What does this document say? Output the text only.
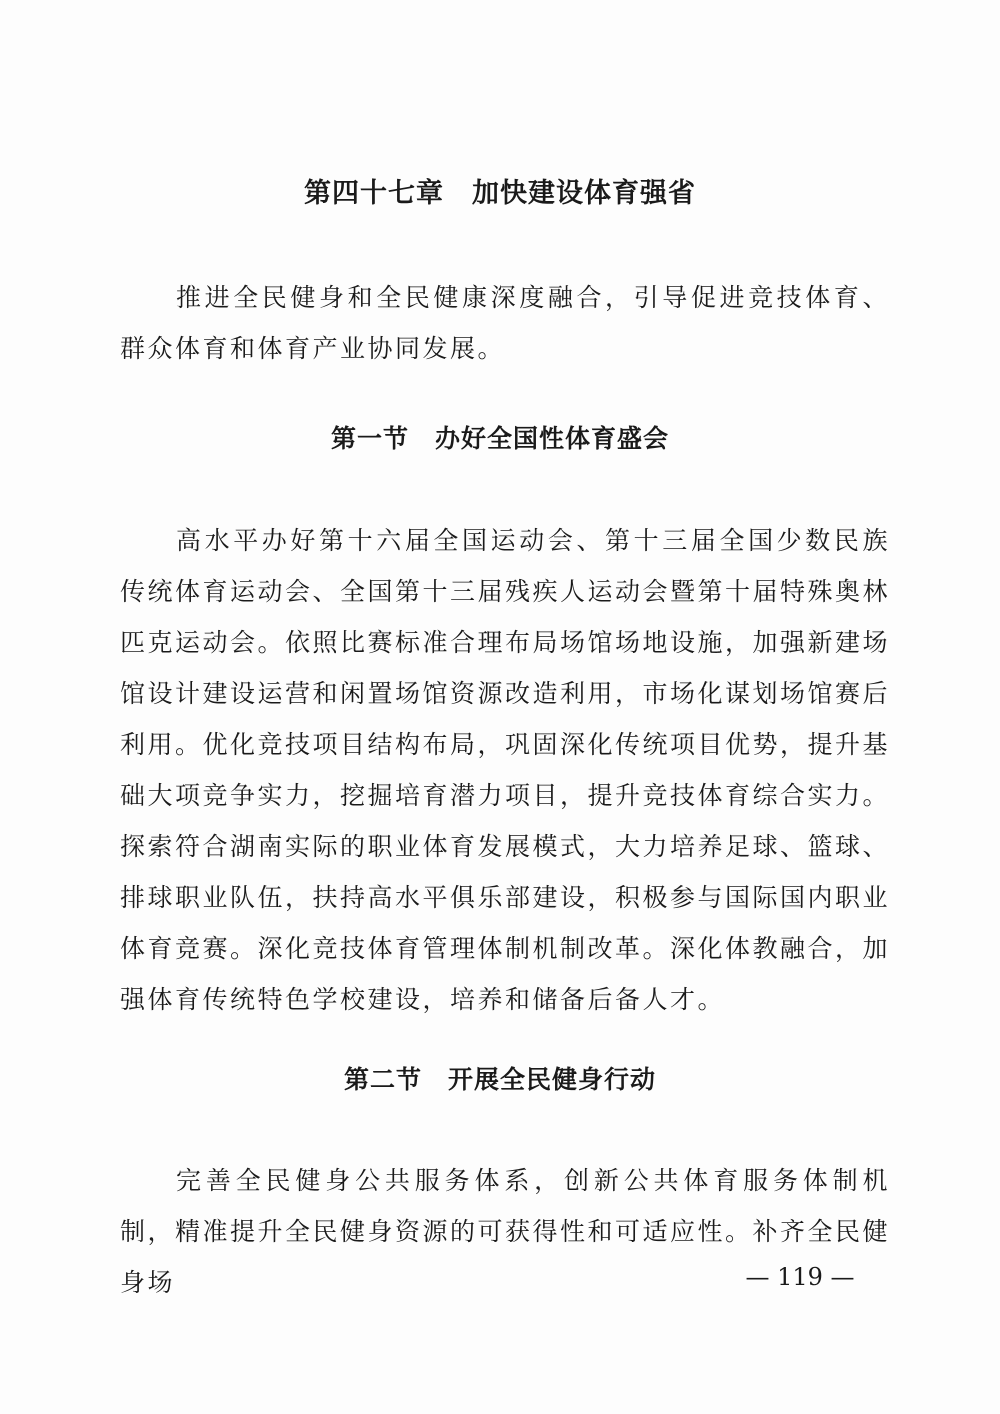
第四十七章　加快建设体育强省

推进全民健身和全民健康深度融合，引导促进竞技体育、群众体育和体育产业协同发展。

第一节　办好全国性体育盛会

高水平办好第十六届全国运动会、第十三届全国少数民族传统体育运动会、全国第十三届残疾人运动会暨第十届特殊奥林匹克运动会。依照比赛标准合理布局场馆场地设施，加强新建场馆设计建设运营和闲置场馆资源改造利用，市场化谋划场馆赛后利用。优化竞技项目结构布局，巩固深化传统项目优势，提升基础大项竞争实力，挖掘培育潜力项目，提升竞技体育综合实力。探索符合湖南实际的职业体育发展模式，大力培养足球、篮球、排球职业队伍，扶持高水平俱乐部建设，积极参与国际国内职业体育竞赛。深化竞技体育管理体制机制改革。深化体教融合，加强体育传统特色学校建设，培养和储备后备人才。

第二节　开展全民健身行动

完善全民健身公共服务体系，创新公共体育服务体制机制，精准提升全民健身资源的可获得性和可适应性。补齐全民健身场	— 119 —
